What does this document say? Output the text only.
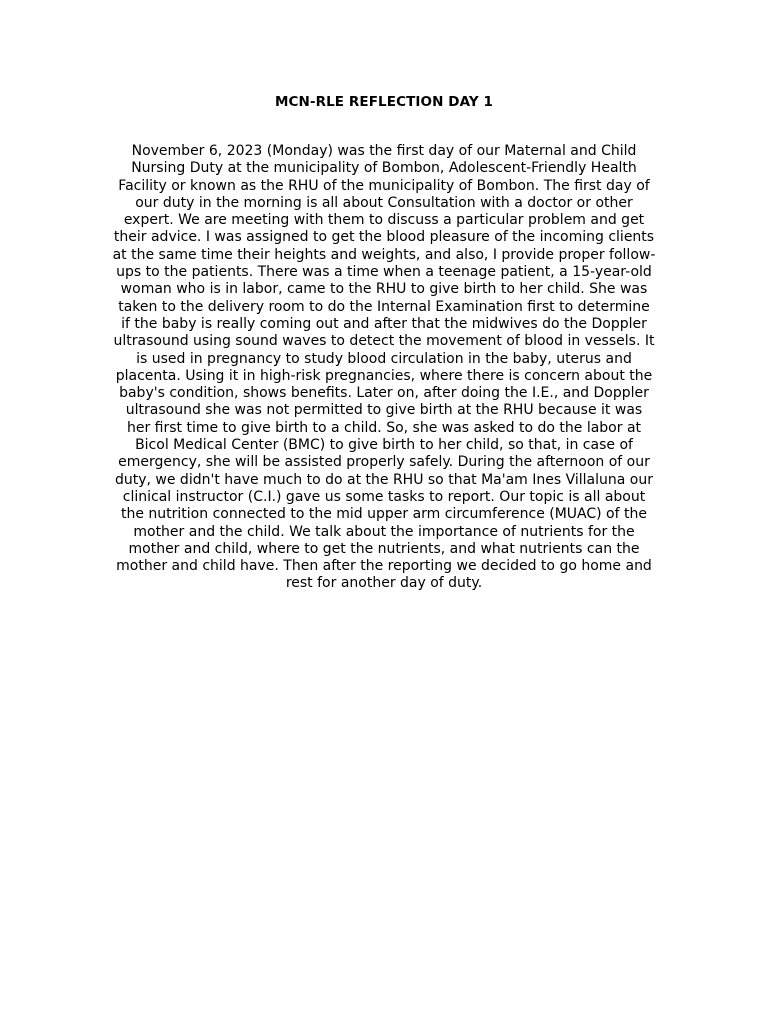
MCN-RLE REFLECTION DAY 1

November 6, 2023 (Monday) was the first day of our Maternal and Child Nursing Duty at the municipality of Bombon, Adolescent-Friendly Health Facility or known as the RHU of the municipality of Bombon. The first day of our duty in the morning is all about Consultation with a doctor or other expert. We are meeting with them to discuss a particular problem and get their advice. I was assigned to get the blood pleasure of the incoming clients at the same time their heights and weights, and also, I provide proper follow-ups to the patients. There was a time when a teenage patient, a 15-year-old woman who is in labor, came to the RHU to give birth to her child. She was taken to the delivery room to do the Internal Examination first to determine if the baby is really coming out and after that the midwives do the Doppler ultrasound using sound waves to detect the movement of blood in vessels. It is used in pregnancy to study blood circulation in the baby, uterus and placenta. Using it in high-risk pregnancies, where there is concern about the baby's condition, shows benefits. Later on, after doing the I.E., and Doppler ultrasound she was not permitted to give birth at the RHU because it was her first time to give birth to a child. So, she was asked to do the labor at Bicol Medical Center (BMC) to give birth to her child, so that, in case of emergency, she will be assisted properly safely. During the afternoon of our duty, we didn't have much to do at the RHU so that Ma'am Ines Villaluna our clinical instructor (C.I.) gave us some tasks to report. Our topic is all about the nutrition connected to the mid upper arm circumference (MUAC) of the mother and the child. We talk about the importance of nutrients for the mother and child, where to get the nutrients, and what nutrients can the mother and child have. Then after the reporting we decided to go home and rest for another day of duty.
